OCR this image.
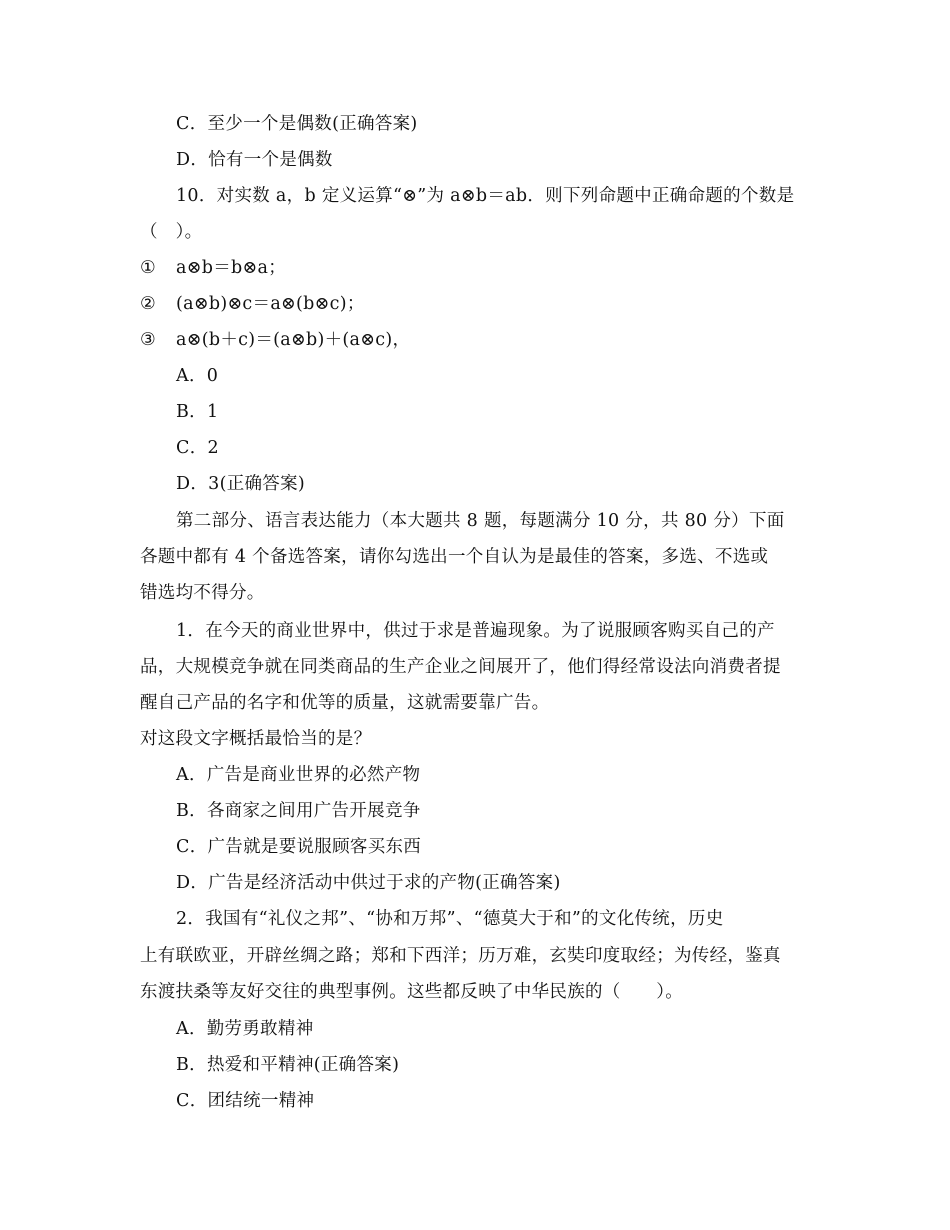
C．至少一个是偶数(正确答案)
D．恰有一个是偶数
10．对实数 a，b 定义运算“⊗”为 a⊗b＝ab．则下列命题中正确命题的个数是
（　）。
① a⊗b＝b⊗a；
② (a⊗b)⊗c＝a⊗(b⊗c)；
③ a⊗(b＋c)＝(a⊗b)＋(a⊗c)，
A．0
B．1
C．2
D．3(正确答案)
第二部分、语言表达能力（本大题共 8 题，每题满分 10 分，共 80 分）下面
各题中都有 4 个备选答案，请你勾选出一个自认为是最佳的答案，多选、不选或
错选均不得分。
1．在今天的商业世界中，供过于求是普遍现象。为了说服顾客购买自己的产
品，大规模竞争就在同类商品的生产企业之间展开了，他们得经常设法向消费者提
醒自己产品的名字和优等的质量，这就需要靠广告。
对这段文字概括最恰当的是？
A．广告是商业世界的必然产物
B．各商家之间用广告开展竞争
C．广告就是要说服顾客买东西
D．广告是经济活动中供过于求的产物(正确答案)
2．我国有“礼仪之邦”、“协和万邦”、“德莫大于和”的文化传统，历史
上有联欧亚，开辟丝绸之路；郑和下西洋；历万难，玄奘印度取经；为传经，鉴真
东渡扶桑等友好交往的典型事例。这些都反映了中华民族的（　　）。
A．勤劳勇敢精神
B．热爱和平精神(正确答案)
C．团结统一精神
